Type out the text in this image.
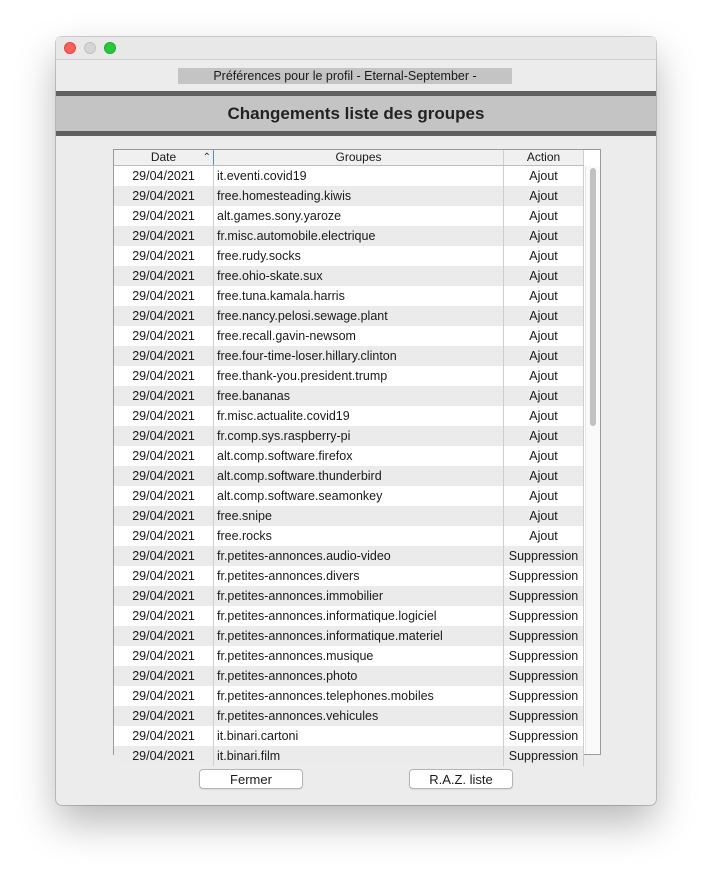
Préférences pour le profil - Eternal-September -
Changements liste des groupes
Date	⌃	Groupes	Action
29/04/2021	it.eventi.covid19	Ajout
29/04/2021	free.homesteading.kiwis	Ajout
29/04/2021	alt.games.sony.yaroze	Ajout
29/04/2021	fr.misc.automobile.electrique	Ajout
29/04/2021	free.rudy.socks	Ajout
29/04/2021	free.ohio-skate.sux	Ajout
29/04/2021	free.tuna.kamala.harris	Ajout
29/04/2021	free.nancy.pelosi.sewage.plant	Ajout
29/04/2021	free.recall.gavin-newsom	Ajout
29/04/2021	free.four-time-loser.hillary.clinton	Ajout
29/04/2021	free.thank-you.president.trump	Ajout
29/04/2021	free.bananas	Ajout
29/04/2021	fr.misc.actualite.covid19	Ajout
29/04/2021	fr.comp.sys.raspberry-pi	Ajout
29/04/2021	alt.comp.software.firefox	Ajout
29/04/2021	alt.comp.software.thunderbird	Ajout
29/04/2021	alt.comp.software.seamonkey	Ajout
29/04/2021	free.snipe	Ajout
29/04/2021	free.rocks	Ajout
29/04/2021	fr.petites-annonces.audio-video	Suppression
29/04/2021	fr.petites-annonces.divers	Suppression
29/04/2021	fr.petites-annonces.immobilier	Suppression
29/04/2021	fr.petites-annonces.informatique.logiciel	Suppression
29/04/2021	fr.petites-annonces.informatique.materiel	Suppression
29/04/2021	fr.petites-annonces.musique	Suppression
29/04/2021	fr.petites-annonces.photo	Suppression
29/04/2021	fr.petites-annonces.telephones.mobiles	Suppression
29/04/2021	fr.petites-annonces.vehicules	Suppression
29/04/2021	it.binari.cartoni	Suppression
29/04/2021	it.binari.film	Suppression
Fermer	R.A.Z. liste
